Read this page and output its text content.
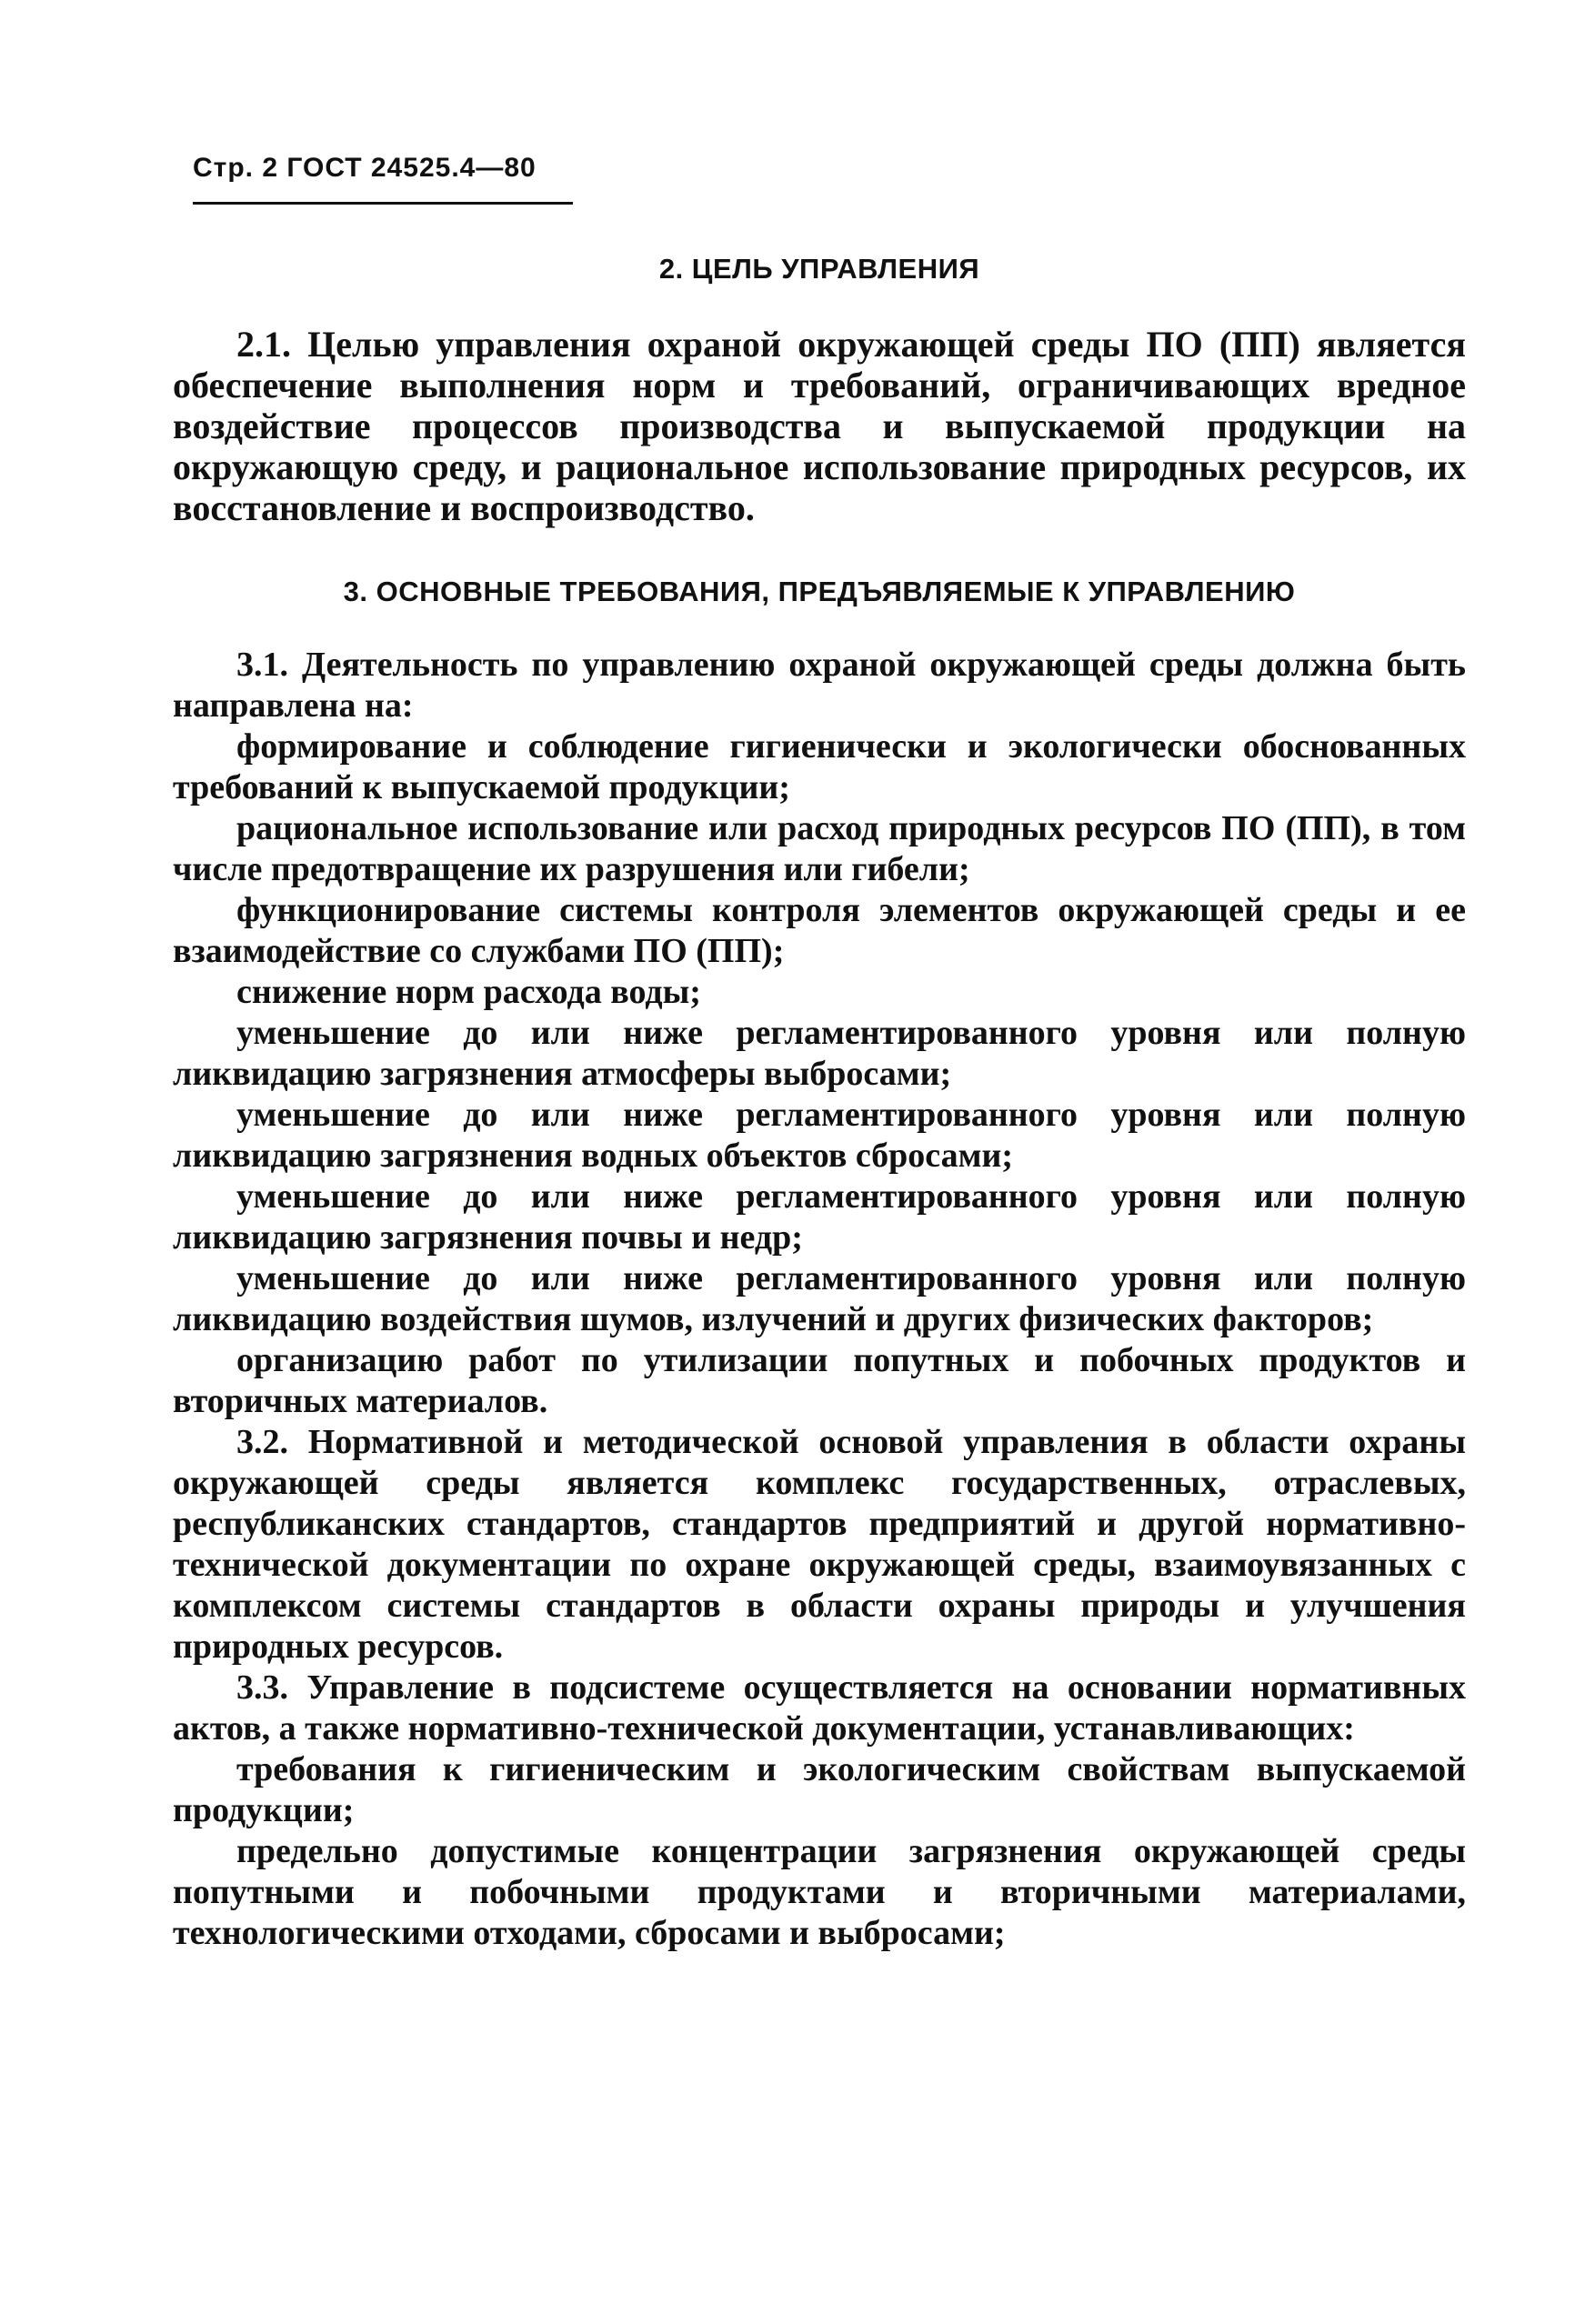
Стр. 2 ГОСТ 24525.4—80
2. ЦЕЛЬ УПРАВЛЕНИЯ

2.1. Целью управления охраной окружающей среды ПО (ПП) является обеспечение выполнения норм и требований, ограничивающих вредное воздействие процессов производства и выпускаемой продукции на окружающую среду, и рациональное использование природных ресурсов, их восстановление и воспроизводство.

3. ОСНОВНЫЕ ТРЕБОВАНИЯ, ПРЕДЪЯВЛЯЕМЫЕ К УПРАВЛЕНИЮ

3.1. Деятельность по управлению охраной окружающей среды должна быть направлена на:

формирование и соблюдение гигиенически и экологически обоснованных требований к выпускаемой продукции;

рациональное использование или расход природных ресурсов ПО (ПП), в том числе предотвращение их разрушения или гибели;

функционирование системы контроля элементов окружающей среды и ее взаимодействие со службами ПО (ПП);

снижение норм расхода воды;

уменьшение до или ниже регламентированного уровня или полную ликвидацию загрязнения атмосферы выбросами;

уменьшение до или ниже регламентированного уровня или полную ликвидацию загрязнения водных объектов сбросами;

уменьшение до или ниже регламентированного уровня или полную ликвидацию загрязнения почвы и недр;

уменьшение до или ниже регламентированного уровня или полную ликвидацию воздействия шумов, излучений и других физических факторов;

организацию работ по утилизации попутных и побочных продуктов и вторичных материалов.

3.2. Нормативной и методической основой управления в области охраны окружающей среды является комплекс государственных, отраслевых, республиканских стандартов, стандартов предприятий и другой нормативно-технической документации по охране окружающей среды, взаимоувязанных с комплексом системы стандартов в области охраны природы и улучшения природных ресурсов.

3.3. Управление в подсистеме осуществляется на основании нормативных актов, а также нормативно-технической документации, устанавливающих:

требования к гигиеническим и экологическим свойствам выпускаемой продукции;

предельно допустимые концентрации загрязнения окружающей среды попутными и побочными продуктами и вторичными материалами, технологическими отходами, сбросами и выбросами;
